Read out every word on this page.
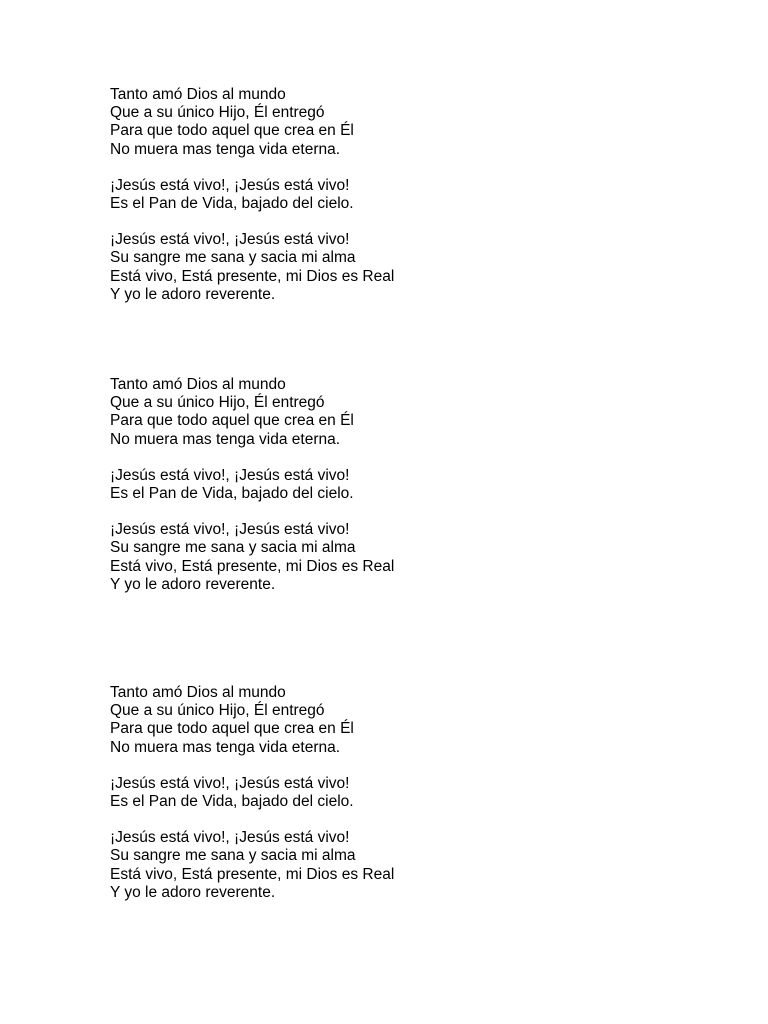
Tanto amó Dios al mundo
Que a su único Hijo, Él entregó
Para que todo aquel que crea en Él
No muera mas tenga vida eterna.
¡Jesús está vivo!, ¡Jesús está vivo!
Es el Pan de Vida, bajado del cielo.
¡Jesús está vivo!, ¡Jesús está vivo!
Su sangre me sana y sacia mi alma
Está vivo, Está presente, mi Dios es Real
Y yo le adoro reverente.
Tanto amó Dios al mundo
Que a su único Hijo, Él entregó
Para que todo aquel que crea en Él
No muera mas tenga vida eterna.
¡Jesús está vivo!, ¡Jesús está vivo!
Es el Pan de Vida, bajado del cielo.
¡Jesús está vivo!, ¡Jesús está vivo!
Su sangre me sana y sacia mi alma
Está vivo, Está presente, mi Dios es Real
Y yo le adoro reverente.
Tanto amó Dios al mundo
Que a su único Hijo, Él entregó
Para que todo aquel que crea en Él
No muera mas tenga vida eterna.
¡Jesús está vivo!, ¡Jesús está vivo!
Es el Pan de Vida, bajado del cielo.
¡Jesús está vivo!, ¡Jesús está vivo!
Su sangre me sana y sacia mi alma
Está vivo, Está presente, mi Dios es Real
Y yo le adoro reverente.
